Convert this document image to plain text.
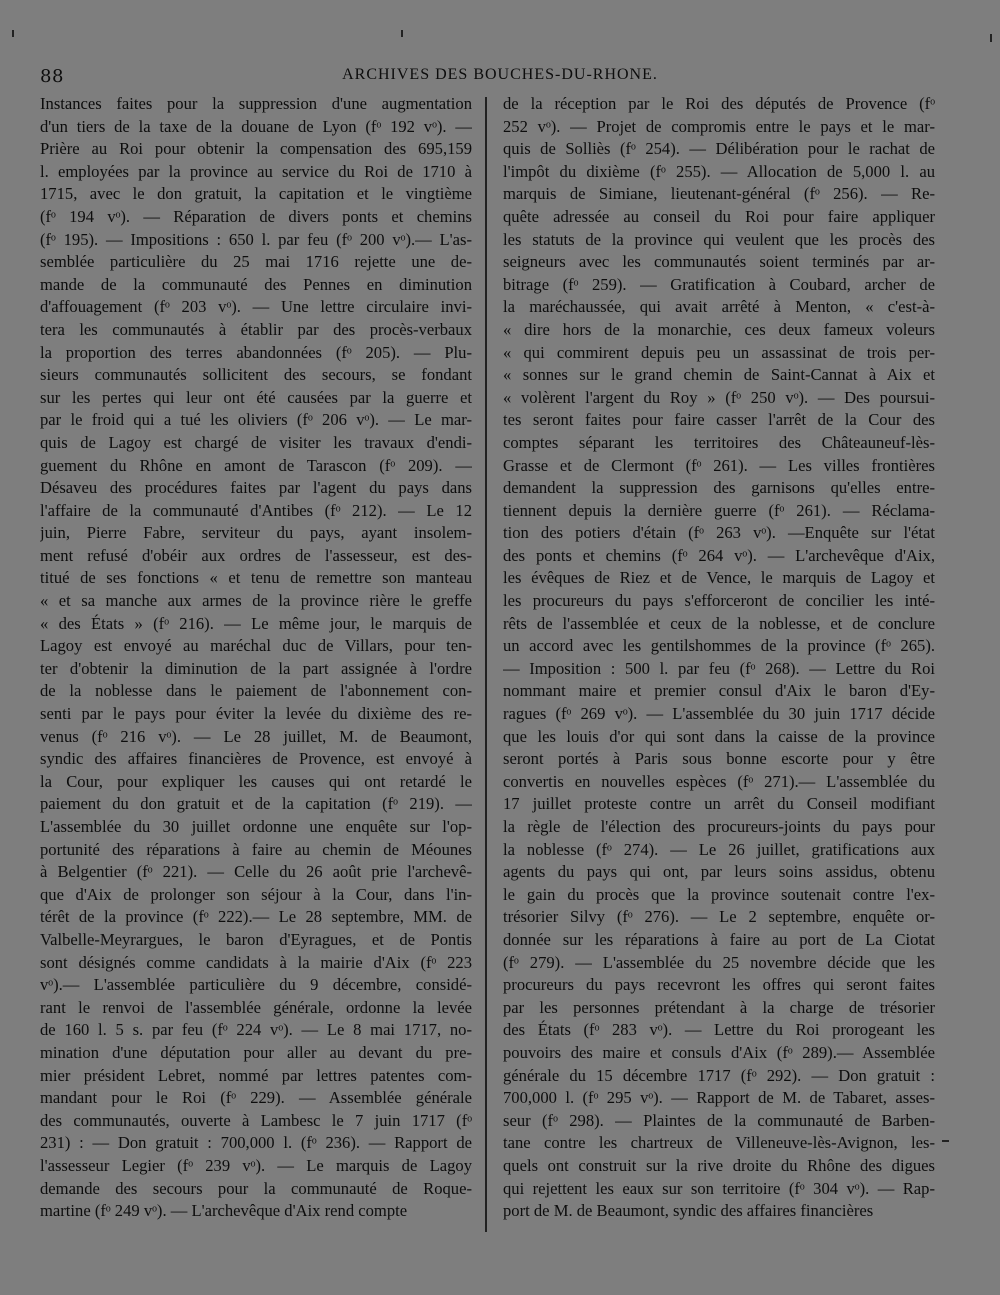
88	ARCHIVES DES BOUCHES-DU-RHONE.
Instances faites pour la suppression d'une augmentation
d'un tiers de la taxe de la douane de Lyon (fᵒ 192 vᵒ). —
Prière au Roi pour obtenir la compensation des 695,159
l. employées par la province au service du Roi de 1710 à
1715, avec le don gratuit, la capitation et le vingtième
(fᵒ 194 vᵒ). — Réparation de divers ponts et chemins
(fᵒ 195). — Impositions : 650 l. par feu (fᵒ 200 vᵒ).— L'as-
semblée particulière du 25 mai 1716 rejette une de-
mande de la communauté des Pennes en diminution
d'affouagement (fᵒ 203 vᵒ). — Une lettre circulaire invi-
tera les communautés à établir par des procès-verbaux
la proportion des terres abandonnées (fᵒ 205). — Plu-
sieurs communautés sollicitent des secours, se fondant
sur les pertes qui leur ont été causées par la guerre et
par le froid qui a tué les oliviers (fᵒ 206 vᵒ). — Le mar-
quis de Lagoy est chargé de visiter les travaux d'endi-
guement du Rhône en amont de Tarascon (fᵒ 209). —
Désaveu des procédures faites par l'agent du pays dans
l'affaire de la communauté d'Antibes (fᵒ 212). — Le 12
juin, Pierre Fabre, serviteur du pays, ayant insolem-
ment refusé d'obéir aux ordres de l'assesseur, est des-
titué de ses fonctions « et tenu de remettre son manteau
« et sa manche aux armes de la province rière le greffe
« des États » (fᵒ 216). — Le même jour, le marquis de
Lagoy est envoyé au maréchal duc de Villars, pour ten-
ter d'obtenir la diminution de la part assignée à l'ordre
de la noblesse dans le paiement de l'abonnement con-
senti par le pays pour éviter la levée du dixième des re-
venus (fᵒ 216 vᵒ). — Le 28 juillet, M. de Beaumont,
syndic des affaires financières de Provence, est envoyé à
la Cour, pour expliquer les causes qui ont retardé le
paiement du don gratuit et de la capitation (fᵒ 219). —
L'assemblée du 30 juillet ordonne une enquête sur l'op-
portunité des réparations à faire au chemin de Méounes
à Belgentier (fᵒ 221). — Celle du 26 août prie l'archevê-
que d'Aix de prolonger son séjour à la Cour, dans l'in-
térêt de la province (fᵒ 222).— Le 28 septembre, MM. de
Valbelle-Meyrargues, le baron d'Eyragues, et de Pontis
sont désignés comme candidats à la mairie d'Aix (fᵒ 223
vᵒ).— L'assemblée particulière du 9 décembre, considé-
rant le renvoi de l'assemblée générale, ordonne la levée
de 160 l. 5 s. par feu (fᵒ 224 vᵒ). — Le 8 mai 1717, no-
mination d'une députation pour aller au devant du pre-
mier président Lebret, nommé par lettres patentes com-
mandant pour le Roi (fᵒ 229). — Assemblée générale
des communautés, ouverte à Lambesc le 7 juin 1717 (fᵒ
231) : — Don gratuit : 700,000 l. (fᵒ 236). — Rapport de
l'assesseur Legier (fᵒ 239 vᵒ). — Le marquis de Lagoy
demande des secours pour la communauté de Roque-
martine (fᵒ 249 vᵒ). — L'archevêque d'Aix rend compte
de la réception par le Roi des députés de Provence (fᵒ
252 vᵒ). — Projet de compromis entre le pays et le mar-
quis de Solliès (fᵒ 254). — Délibération pour le rachat de
l'impôt du dixième (fᵒ 255). — Allocation de 5,000 l. au
marquis de Simiane, lieutenant-général (fᵒ 256). — Re-
quête adressée au conseil du Roi pour faire appliquer
les statuts de la province qui veulent que les procès des
seigneurs avec les communautés soient terminés par ar-
bitrage (fᵒ 259). — Gratification à Coubard, archer de
la maréchaussée, qui avait arrêté à Menton, « c'est-à-
« dire hors de la monarchie, ces deux fameux voleurs
« qui commirent depuis peu un assassinat de trois per-
« sonnes sur le grand chemin de Saint-Cannat à Aix et
« volèrent l'argent du Roy » (fᵒ 250 vᵒ). — Des poursui-
tes seront faites pour faire casser l'arrêt de la Cour des
comptes séparant les territoires des Châteauneuf-lès-
Grasse et de Clermont (fᵒ 261). — Les villes frontières
demandent la suppression des garnisons qu'elles entre-
tiennent depuis la dernière guerre (fᵒ 261). — Réclama-
tion des potiers d'étain (fᵒ 263 vᵒ). —Enquête sur l'état
des ponts et chemins (fᵒ 264 vᵒ). — L'archevêque d'Aix,
les évêques de Riez et de Vence, le marquis de Lagoy et
les procureurs du pays s'efforceront de concilier les inté-
rêts de l'assemblée et ceux de la noblesse, et de conclure
un accord avec les gentilshommes de la province (fᵒ 265).
— Imposition : 500 l. par feu (fᵒ 268). — Lettre du Roi
nommant maire et premier consul d'Aix le baron d'Ey-
ragues (fᵒ 269 vᵒ). — L'assemblée du 30 juin 1717 décide
que les louis d'or qui sont dans la caisse de la province
seront portés à Paris sous bonne escorte pour y être
convertis en nouvelles espèces (fᵒ 271).— L'assemblée du
17 juillet proteste contre un arrêt du Conseil modifiant
la règle de l'élection des procureurs-joints du pays pour
la noblesse (fᵒ 274). — Le 26 juillet, gratifications aux
agents du pays qui ont, par leurs soins assidus, obtenu
le gain du procès que la province soutenait contre l'ex-
trésorier Silvy (fᵒ 276). — Le 2 septembre, enquête or-
donnée sur les réparations à faire au port de La Ciotat
(fᵒ 279). — L'assemblée du 25 novembre décide que les
procureurs du pays recevront les offres qui seront faites
par les personnes prétendant à la charge de trésorier
des États (fᵒ 283 vᵒ). — Lettre du Roi prorogeant les
pouvoirs des maire et consuls d'Aix (fᵒ 289).— Assemblée
générale du 15 décembre 1717 (fᵒ 292). — Don gratuit :
700,000 l. (fᵒ 295 vᵒ). — Rapport de M. de Tabaret, asses-
seur (fᵒ 298). — Plaintes de la communauté de Barben-
tane contre les chartreux de Villeneuve-lès-Avignon, les-
quels ont construit sur la rive droite du Rhône des digues
qui rejettent les eaux sur son territoire (fᵒ 304 vᵒ). — Rap-
port de M. de Beaumont, syndic des affaires financières
